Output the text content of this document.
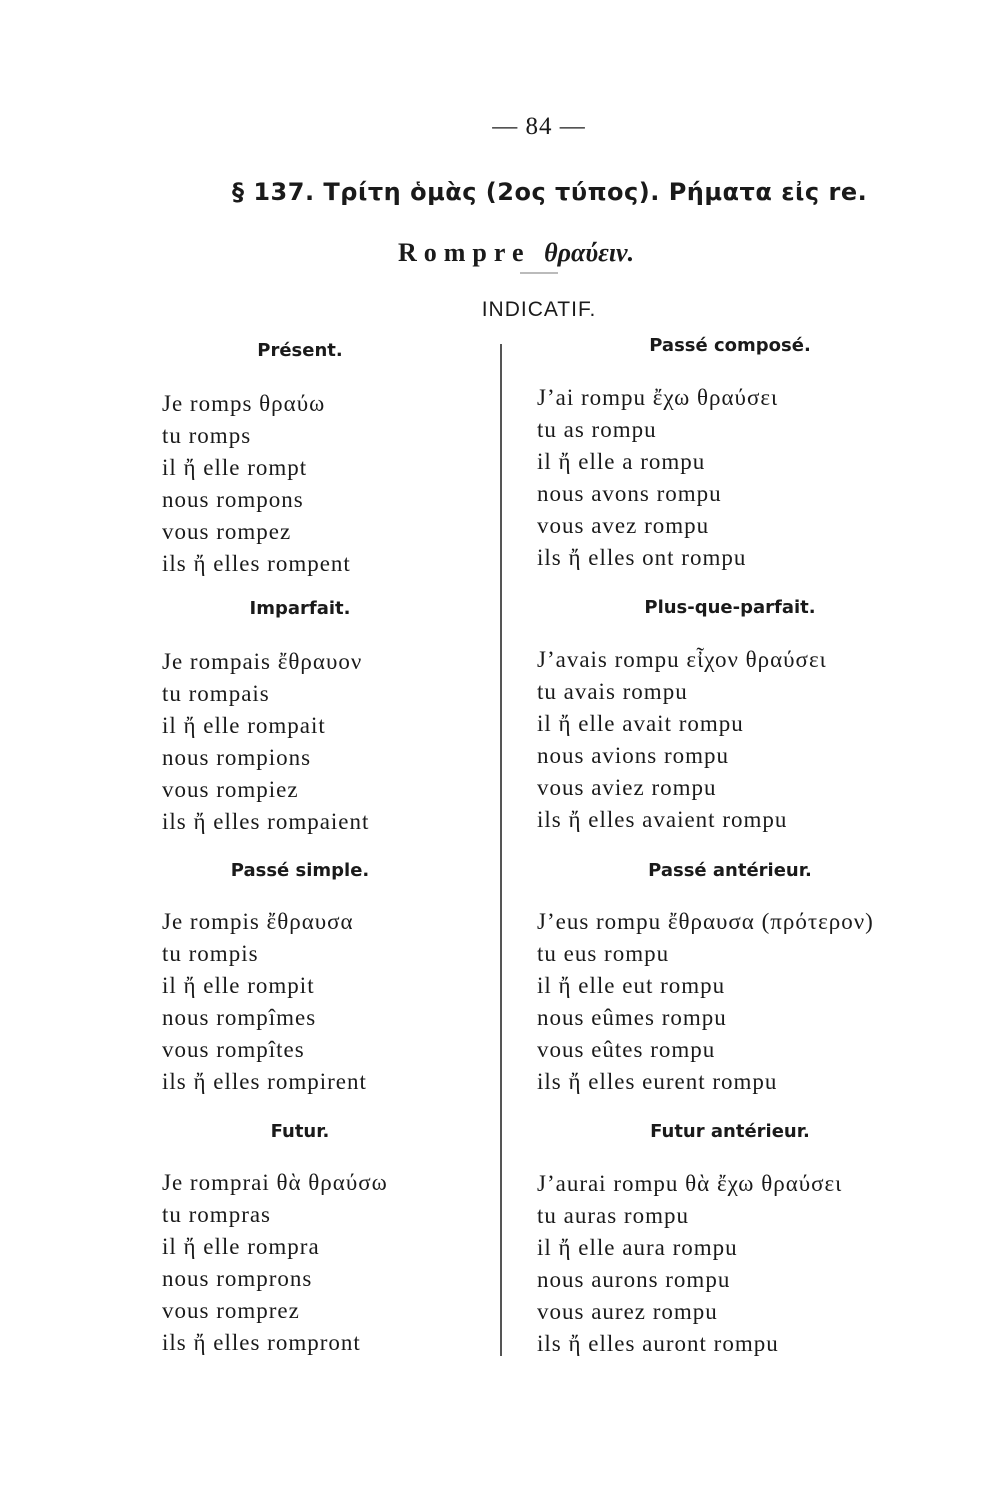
— 84 —
§ 137. Τρίτη ὁμὰς (2ος τύπος). Ρήματα εἰς re.
Rompre θραύειν.
INDICATIF.
Présent.
Je romps θραύω
tu romps
il ἤ elle rompt
nous rompons
vous rompez
ils ἤ elles rompent
Passé composé.
J’ai rompu ἔχω θραύσει
tu as rompu
il ἤ elle a rompu
nous avons rompu
vous avez rompu
ils ἤ elles ont rompu
Imparfait.
Je rompais ἔθραυον
tu rompais
il ἤ elle rompait
nous rompions
vous rompiez
ils ἤ elles rompaient
Plus-que-parfait.
J’avais rompu εἶχον θραύσει
tu avais rompu
il ἤ elle avait rompu
nous avions rompu
vous aviez rompu
ils ἤ elles avaient rompu
Passé simple.
Je rompis ἔθραυσα
tu rompis
il ἤ elle rompit
nous rompîmes
vous rompîtes
ils ἤ elles rompirent
Passé antérieur.
J’eus rompu ἔθραυσα (πρότερον)
tu eus rompu
il ἤ elle eut rompu
nous eûmes rompu
vous eûtes rompu
ils ἤ elles eurent rompu
Futur.
Je romprai θὰ θραύσω
tu rompras
il ἤ elle rompra
nous romprons
vous romprez
ils ἤ elles rompront
Futur antérieur.
J’aurai rompu θὰ ἔχω θραύσει
tu auras rompu
il ἤ elle aura rompu
nous aurons rompu
vous aurez rompu
ils ἤ elles auront rompu
